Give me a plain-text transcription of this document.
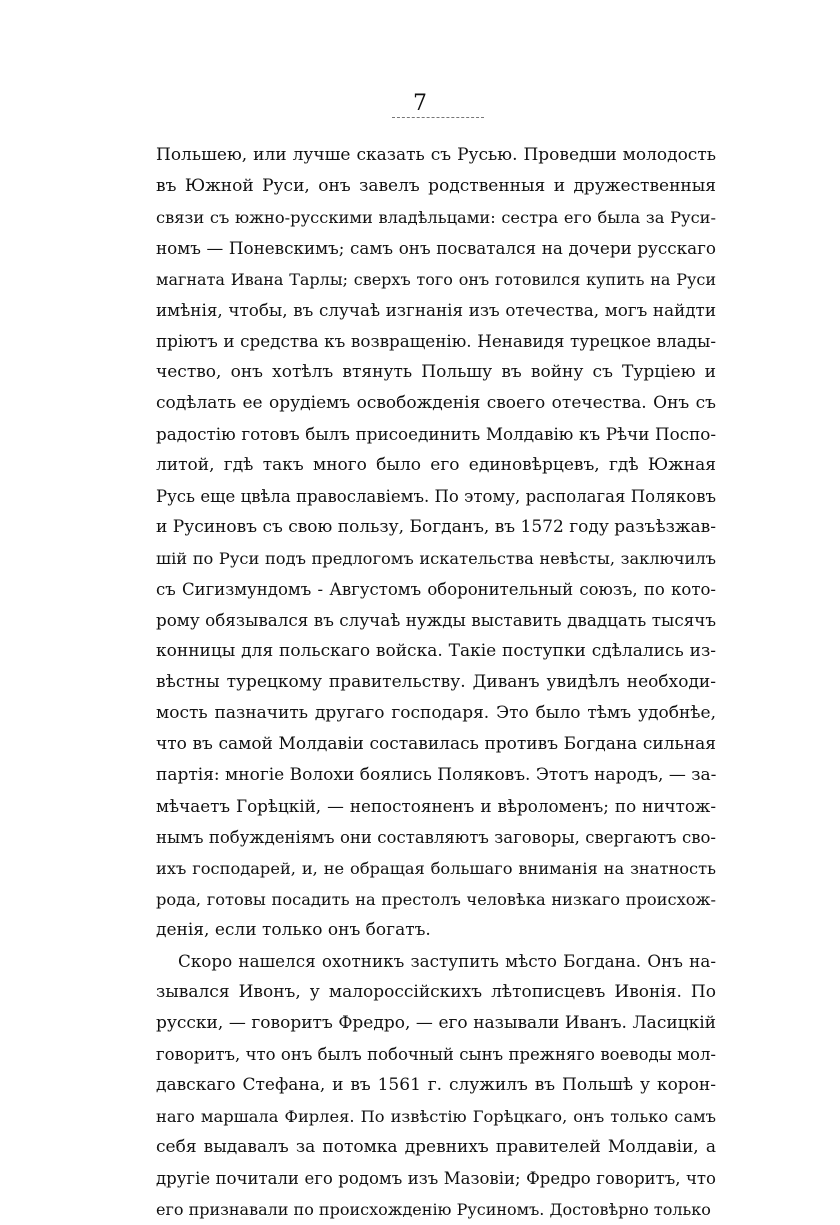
7
Польшею, или лучше сказать съ Русью. Проведши молодость
въ Южной Руси, онъ завелъ родственныя и дружественныя
связи съ южно-русскими владѣльцами: сестра его была за Руси-
номъ — Поневскимъ; самъ онъ посватался на дочери русскаго
магната Ивана Тарлы; сверхъ того онъ готовился купить на Руси
имѣнія, чтобы, въ случаѣ изгнанія изъ отечества, могъ найдти
пріютъ и средства къ возвращенію. Ненавидя турецкое влады-
чество, онъ хотѣлъ втянуть Польшу въ войну съ Турціею и
содѣлать ее орудіемъ освобожденія своего отечества. Онъ съ
радостію готовъ былъ присоединить Молдавію къ Рѣчи Поспо-
литой, гдѣ такъ много было его единовѣрцевъ, гдѣ Южная
Русь еще цвѣла православіемъ. По этому, располагая Поляковъ
и Русиновъ съ свою пользу, Богданъ, въ 1572 году разъѣзжав-
шій по Руси подъ предлогомъ искательства невѣсты, заключилъ
съ Сигизмундомъ - Августомъ оборонительный союзъ, по кото-
рому обязывался въ случаѣ нужды выставить двадцать тысячъ
конницы для польскаго войска. Такіе поступки сдѣлались из-
вѣстны турецкому правительству. Диванъ увидѣлъ необходи-
мость пазначить другаго господаря. Это было тѣмъ удобнѣе,
что въ самой Молдавіи составилась противъ Богдана сильная
партія: многіе Волохи боялись Поляковъ. Этотъ народъ, — за-
мѣчаетъ Горѣцкій, — непостояненъ и вѣроломенъ; по ничтож-
нымъ побужденіямъ они составляютъ заговоры, свергаютъ сво-
ихъ господарей, и, не обращая большаго вниманія на знатность
рода, готовы посадить на престолъ человѣка низкаго происхож-
денія, если только онъ богатъ.
Скоро нашелся охотникъ заступить мѣсто Богдана. Онъ на-
зывался Ивонъ, у малороссійскихъ лѣтописцевъ Ивонія. По
русски, — говоритъ Фредро, — его называли Иванъ. Ласицкій
говоритъ, что онъ былъ побочный сынъ прежняго воеводы мол-
давскаго Стефана, и въ 1561 г. служилъ въ Польшѣ у корон-
наго маршала Фирлея. По извѣстію Горѣцкаго, онъ только самъ
себя выдавалъ за потомка древнихъ правителей Молдавіи, а
другіе почитали его родомъ изъ Мазовіи; Фредро говоритъ, что
его признавали по происхожденію Русиномъ. Достовѣрно только
